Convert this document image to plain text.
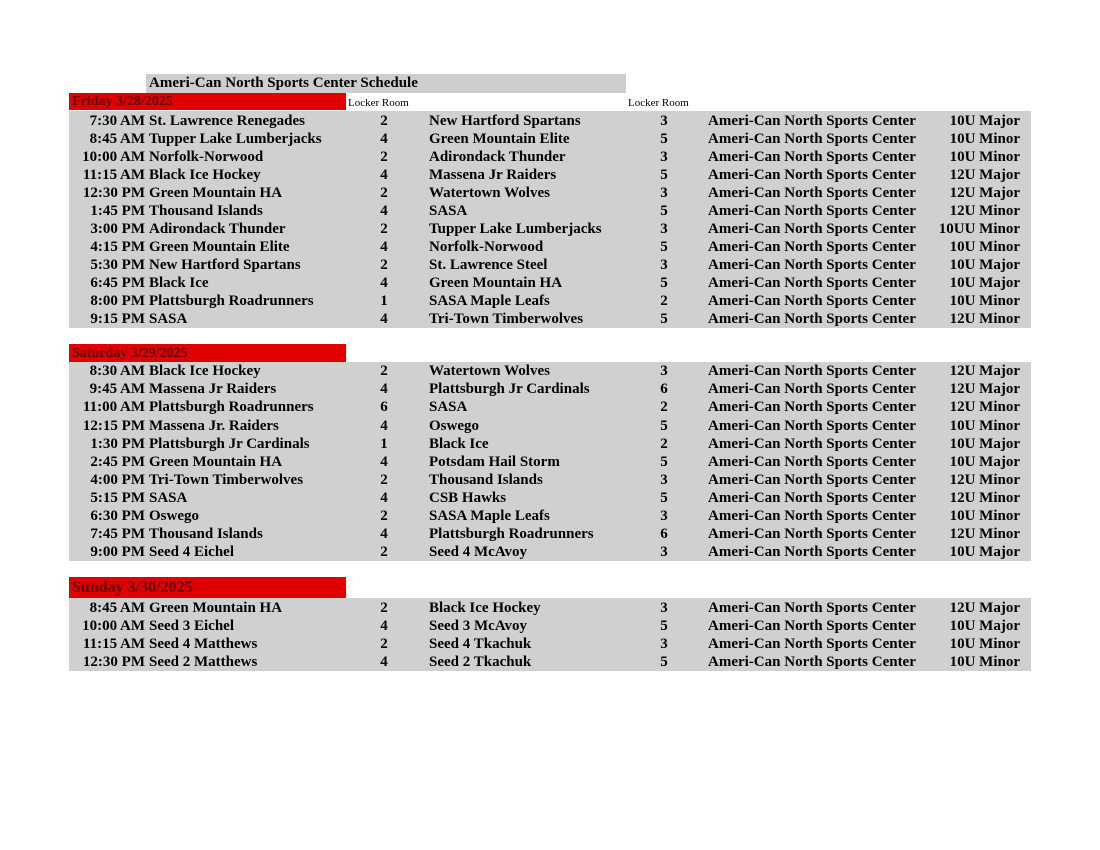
Ameri-Can North Sports Center Schedule
Friday 3/28/2025	Locker Room	Locker Room
7:30 AM St. Lawrence Renegades	2	New Hartford Spartans	3	Ameri-Can North Sports Center 10U Major
8:45 AM Tupper Lake Lumberjacks	4	Green Mountain Elite	5	Ameri-Can North Sports Center 10U Minor
10:00 AM Norfolk-Norwood	2	Adirondack Thunder	3	Ameri-Can North Sports Center 10U Minor
11:15 AM Black Ice Hockey	4	Massena Jr Raiders	5	Ameri-Can North Sports Center 12U Major
12:30 PM Green Mountain HA	2	Watertown Wolves	3	Ameri-Can North Sports Center 12U Major
1:45 PM Thousand Islands	4	SASA	5	Ameri-Can North Sports Center 12U Minor
3:00 PM Adirondack Thunder	2	Tupper Lake Lumberjacks	3	Ameri-Can North Sports Center 10UU Minor
4:15 PM Green Mountain Elite	4	Norfolk-Norwood	5	Ameri-Can North Sports Center 10U Minor
5:30 PM New Hartford Spartans	2	St. Lawrence Steel	3	Ameri-Can North Sports Center 10U Major
6:45 PM Black Ice	4	Green Mountain HA	5	Ameri-Can North Sports Center 10U Major
8:00 PM Plattsburgh Roadrunners	1	SASA Maple Leafs	2	Ameri-Can North Sports Center 10U Minor
9:15 PM SASA	4	Tri-Town Timberwolves	5	Ameri-Can North Sports Center 12U Minor
Saturday 3/29/2025
8:30 AM Black Ice Hockey	2	Watertown Wolves	3	Ameri-Can North Sports Center 12U Major
9:45 AM Massena Jr Raiders	4	Plattsburgh Jr Cardinals	6	Ameri-Can North Sports Center 12U Major
11:00 AM Plattsburgh Roadrunners	6	SASA	2	Ameri-Can North Sports Center 12U Minor
12:15 PM Massena Jr. Raiders	4	Oswego	5	Ameri-Can North Sports Center 10U Minor
1:30 PM Plattsburgh Jr Cardinals	1	Black Ice	2	Ameri-Can North Sports Center 10U Major
2:45 PM Green Mountain HA	4	Potsdam Hail Storm	5	Ameri-Can North Sports Center 10U Major
4:00 PM Tri-Town Timberwolves	2	Thousand Islands	3	Ameri-Can North Sports Center 12U Minor
5:15 PM SASA	4	CSB Hawks	5	Ameri-Can North Sports Center 12U Minor
6:30 PM Oswego	2	SASA Maple Leafs	3	Ameri-Can North Sports Center 10U Minor
7:45 PM Thousand Islands	4	Plattsburgh Roadrunners	6	Ameri-Can North Sports Center 12U Minor
9:00 PM Seed 4 Eichel	2	Seed 4 McAvoy	3	Ameri-Can North Sports Center 10U Major
Sunday 3/30/2025
8:45 AM Green Mountain HA	2	Black Ice Hockey	3	Ameri-Can North Sports Center 12U Major
10:00 AM Seed 3 Eichel	4	Seed 3 McAvoy	5	Ameri-Can North Sports Center 10U Major
11:15 AM Seed 4 Matthews	2	Seed 4 Tkachuk	3	Ameri-Can North Sports Center 10U Minor
12:30 PM Seed 2 Matthews	4	Seed 2 Tkachuk	5	Ameri-Can North Sports Center 10U Minor
